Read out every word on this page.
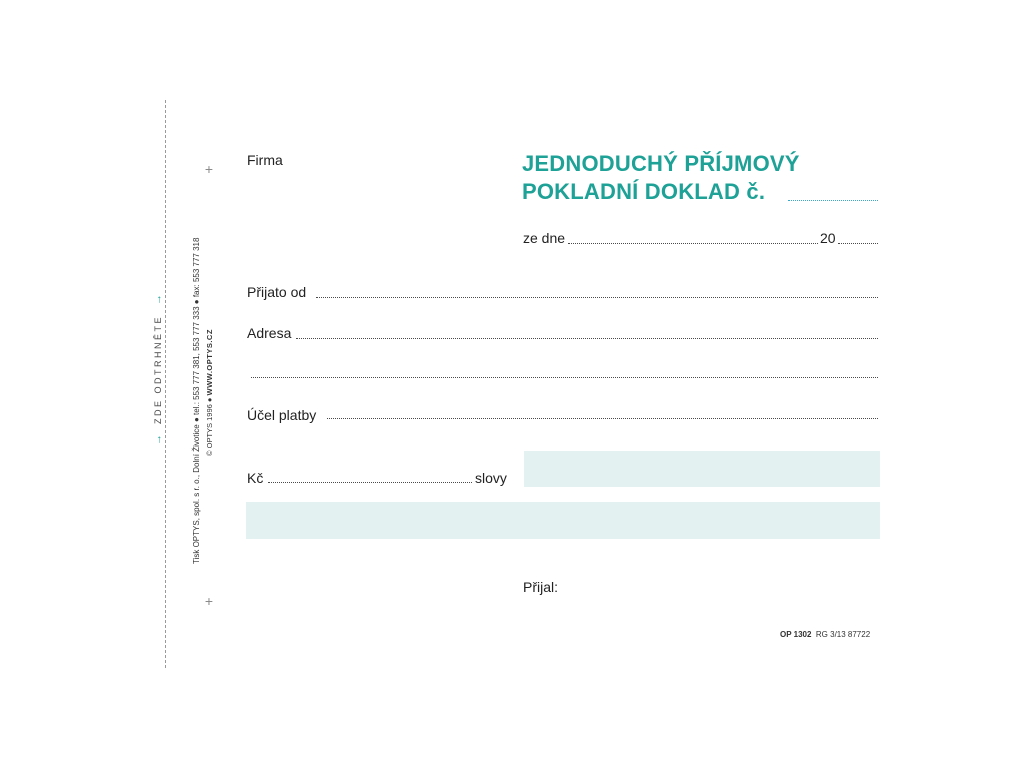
→  ZDE ODTRHNĚTE  →	Tisk OPTYS, spol. s r. o., Dolní Životice ● tel.: 553 777 381, 553 777 333 ● fax: 553 777 318 © OPTYS 1996 ● WWW.OPTYS.CZ
+
+
Firma	JEDNODUCHÝ PŘÍJMOVÝ
POKLADNÍ DOKLAD č.
ze dne	20
Přijato od
Adresa
Účel platby
Kč	slovy
Přijal:
OP 1302 RG 3/13 87722
